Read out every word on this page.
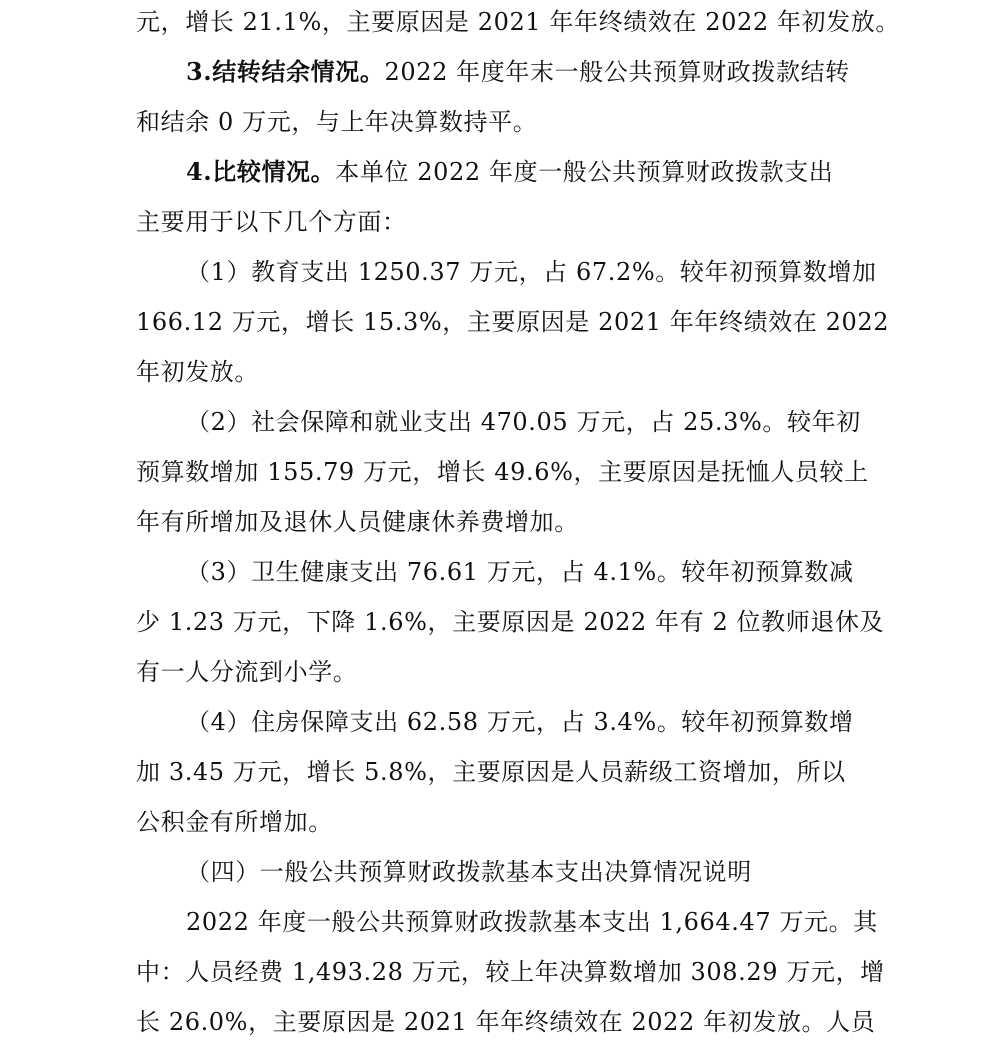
元，增长 21.1%，主要原因是 2021 年年终绩效在 2022 年初发放。
3.结转结余情况。2022 年度年末一般公共预算财政拨款结转
和结余 0 万元，与上年决算数持平。
4.比较情况。本单位 2022 年度一般公共预算财政拨款支出
主要用于以下几个方面：
（1）教育支出 1250.37 万元，占 67.2%。较年初预算数增加
166.12 万元，增长 15.3%，主要原因是 2021 年年终绩效在 2022
年初发放。
（2）社会保障和就业支出 470.05 万元，占 25.3%。较年初
预算数增加 155.79 万元，增长 49.6%，主要原因是抚恤人员较上
年有所增加及退休人员健康休养费增加。
（3）卫生健康支出 76.61 万元，占 4.1%。较年初预算数减
少 1.23 万元，下降 1.6%，主要原因是 2022 年有 2 位教师退休及
有一人分流到小学。
（4）住房保障支出 62.58 万元，占 3.4%。较年初预算数增
加 3.45 万元，增长 5.8%，主要原因是人员薪级工资增加，所以
公积金有所增加。
（四）一般公共预算财政拨款基本支出决算情况说明
2022 年度一般公共预算财政拨款基本支出 1,664.47 万元。其
中：人员经费 1,493.28 万元，较上年决算数增加 308.29 万元，增
长 26.0%，主要原因是 2021 年年终绩效在 2022 年初发放。人员
